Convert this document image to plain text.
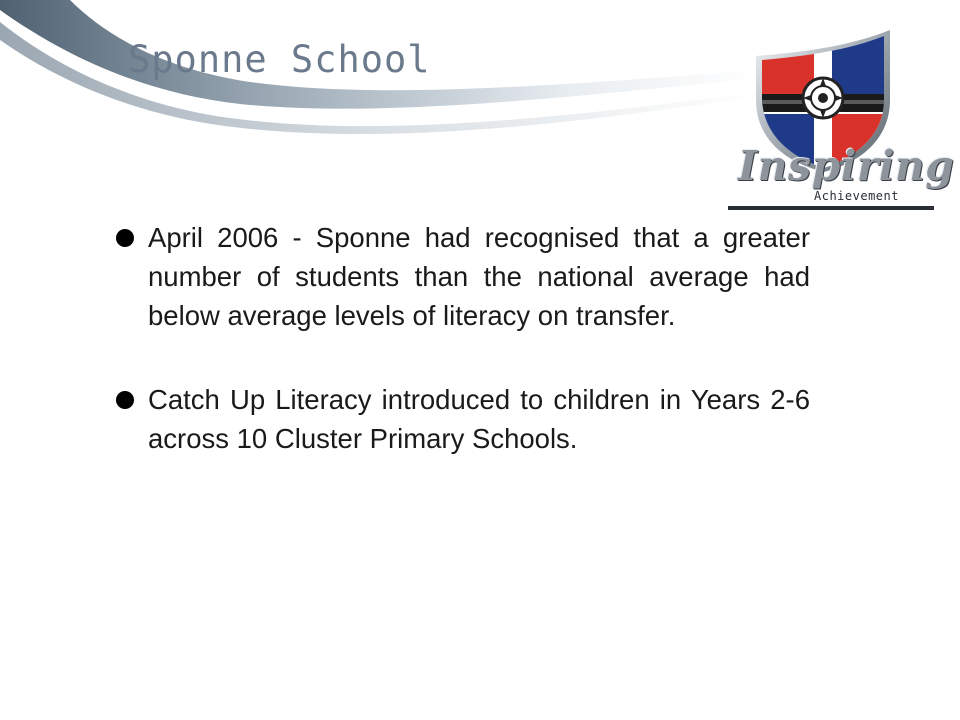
Sponne School

Inspiring

Achievement

April 2006 - Sponne had recognised that a greater number of students than the national average had below average levels of literacy on transfer.
Catch Up Literacy introduced to children in Years 2-6 across 10 Cluster Primary Schools.
